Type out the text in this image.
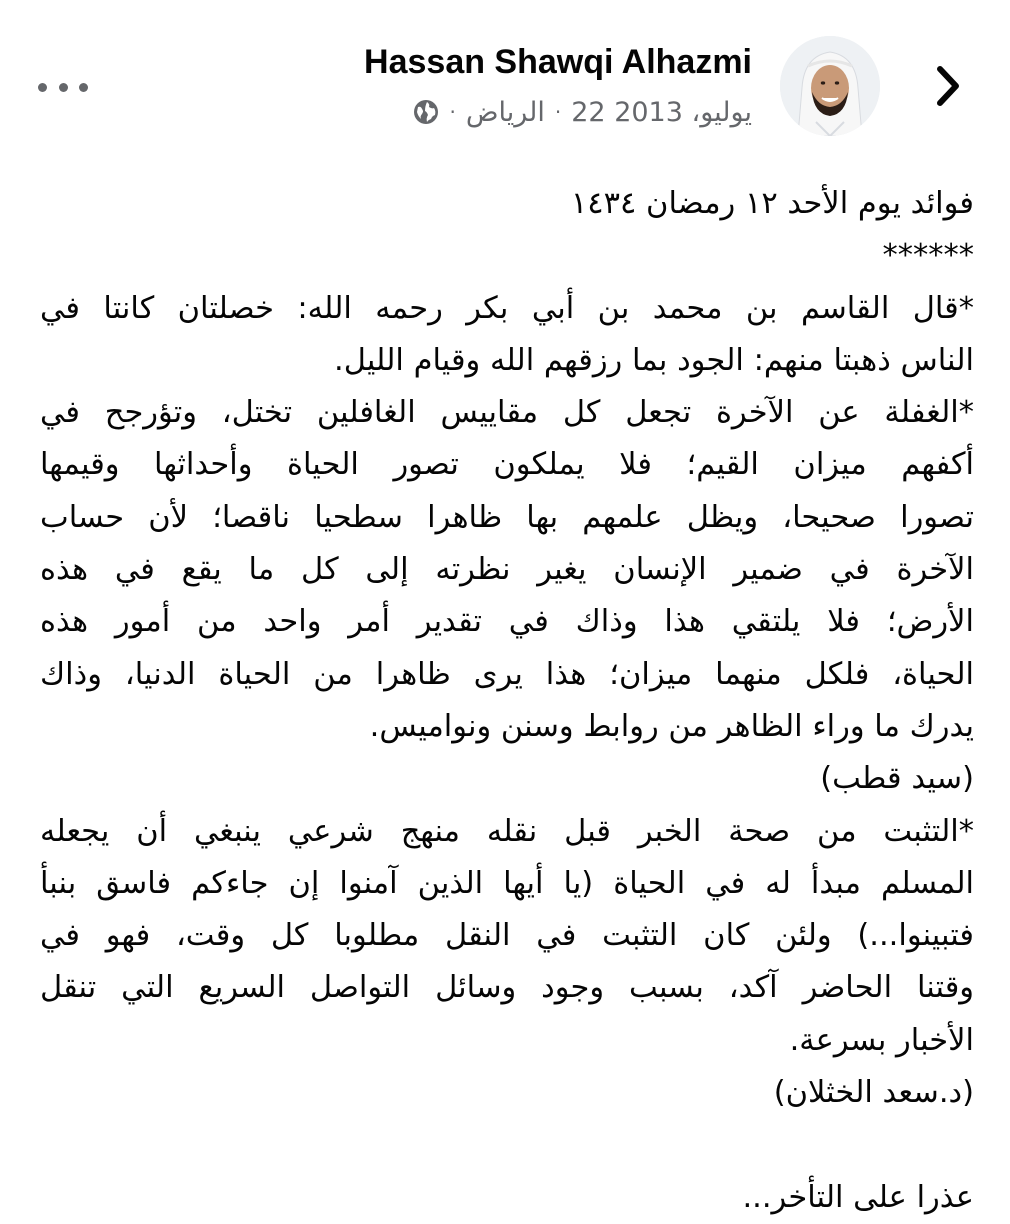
Hassan Shawqi Alhazmi
22 يوليو، 2013
·
الرياض
·
فوائد يوم الأحد ١٢ رمضان ١٤٣٤
******
*قال القاسم بن محمد بن أبي بكر رحمه الله: خصلتان كانتا في
الناس ذهبتا منهم: الجود بما رزقهم الله وقيام الليل.
*الغفلة عن الآخرة تجعل كل مقاييس الغافلين تختل، وتؤرجح في
أكفهم ميزان القيم؛ فلا يملكون تصور الحياة وأحداثها وقيمها
تصورا صحيحا، ويظل علمهم بها ظاهرا سطحيا ناقصا؛ لأن حساب
الآخرة في ضمير الإنسان يغير نظرته إلى كل ما يقع في هذه
الأرض؛ فلا يلتقي هذا وذاك في تقدير أمر واحد من أمور هذه
الحياة، فلكل منهما ميزان؛ هذا يرى ظاهرا من الحياة الدنيا، وذاك
يدرك ما وراء الظاهر من روابط وسنن ونواميس.
(سيد قطب)
*التثبت من صحة الخبر قبل نقله منهج شرعي ينبغي أن يجعله
المسلم مبدأ له في الحياة (يا أيها الذين آمنوا إن جاءكم فاسق بنبأ
فتبينوا...) ولئن كان التثبت في النقل مطلوبا كل وقت، فهو في
وقتنا الحاضر آكد، بسبب وجود وسائل التواصل السريع التي تنقل
الأخبار بسرعة.
(د.سعد الخثلان)
عذرا على التأخر...
